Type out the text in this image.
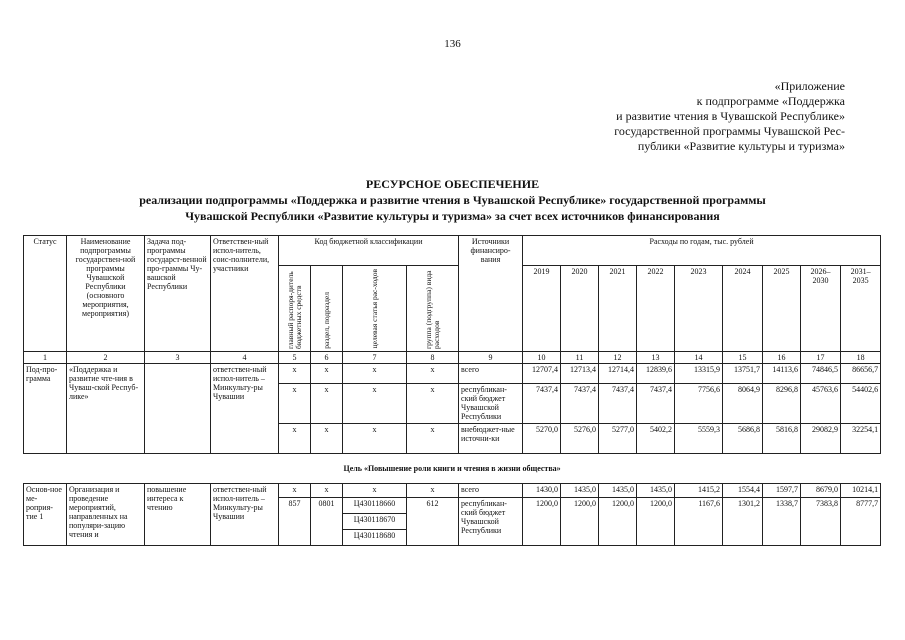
136
«Приложение
к подпрограмме «Поддержка
и развитие чтения в Чувашской Республике»
государственной программы Чувашской Рес-
публики «Развитие культуры и туризма»
РЕСУРСНОЕ ОБЕСПЕЧЕНИЕ
реализации подпрограммы «Поддержка и развитие чтения в Чувашской Республике» государственной программы
Чувашской Республики «Развитие культуры и туризма» за счет всех источников финансирования
Статус	Наименование подпрограммы государствен-ной программы Чувашской Республики (основного мероприятия, мероприятия)	Задача под-программы государст-венной про-граммы Чу-вашской Республики	Ответствен-ный испол-нитель, соис-полнители, участники	Код бюджетной классификации				Источники финансиро-вания	Расходы по годам, тыс. рублей								

				главный распоря-дитель бюджетных средств	раздел, подраздел	целевая статья рас-ходов	группа (подгруппа) вида расходов		2019	2020	2021	2022	2023	2024	2025	2026–2030	2031–2035
1	2	3	4	5	6	7	8	9	10	11	12	13	14	15	16	17	18
Под-про-грамма	«Поддержка и развитие чте-ния в Чуваш-ской Респуб-лике»		ответствен-ный испол-нитель – Минкульту-ры Чувашии	x	x	x	x	всего	12707,4	12713,4	12714,4	12839,6	13315,9	13751,7	14113,6	74846,5	86656,7
				x	x	x	x	республикан-ский бюджет Чувашской Республики	7437,4	7437,4	7437,4	7437,4	7756,6	8064,9	8296,8	45763,6	54402,6
				x	x	x	x	внебюджет-ные источни-ки	5270,0	5276,0	5277,0	5402,2	5559,3	5686,8	5816,8	29082,9	32254,1
Цель «Повышение роли книги и чтения в жизни общества»																	
Основ-ное ме-роприя-тие 1	Организация и проведение мероприятий, направленных на популяри-зацию чтения и	повышение интереса к чтению	ответствен-ный испол-нитель – Минкульту-ры Чувашии	x	x	x	x	всего	1430,0	1435,0	1435,0	1435,0	1415,2	1554,4	1597,7	8679,0	10214,1
				857	0801	Ц430118660	612	республикан-ский бюджет Чувашской Республики	1200,0	1200,0	1200,0	1200,0	1167,6	1301,2	1338,7	7383,8	8777,7
						Ц430118670											
						Ц430118680											
